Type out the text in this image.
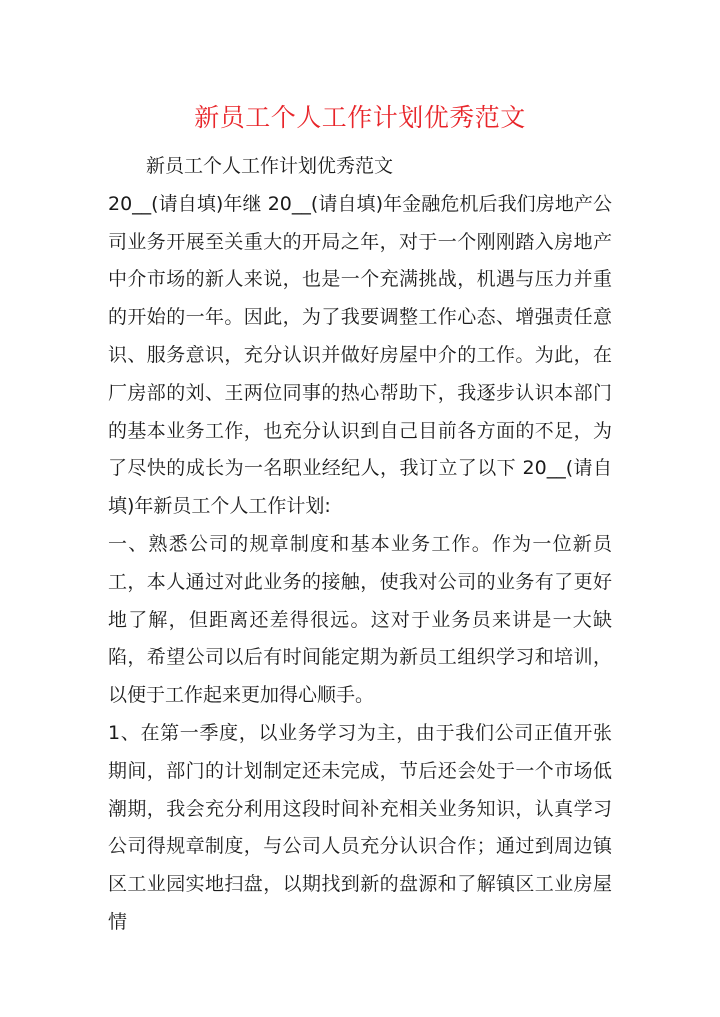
新员工个人工作计划优秀范文

新员工个人工作计划优秀范文

20__(请自填)年继 20__(请自填)年金融危机后我们房地产公司业务开展至关重大的开局之年，对于一个刚刚踏入房地产中介市场的新人来说，也是一个充满挑战，机遇与压力并重的开始的一年。因此，为了我要调整工作心态、增强责任意识、服务意识，充分认识并做好房屋中介的工作。为此，在厂房部的刘、王两位同事的热心帮助下，我逐步认识本部门的基本业务工作，也充分认识到自己目前各方面的不足，为了尽快的成长为一名职业经纪人，我订立了以下 20__(请自填)年新员工个人工作计划:

一、熟悉公司的规章制度和基本业务工作。作为一位新员工，本人通过对此业务的接触，使我对公司的业务有了更好地了解，但距离还差得很远。这对于业务员来讲是一大缺陷，希望公司以后有时间能定期为新员工组织学习和培训，以便于工作起来更加得心顺手。

1、在第一季度，以业务学习为主，由于我们公司正值开张期间，部门的计划制定还未完成，节后还会处于一个市场低潮期，我会充分利用这段时间补充相关业务知识，认真学习公司得规章制度，与公司人员充分认识合作；通过到周边镇区工业园实地扫盘，以期找到新的盘源和了解镇区工业房屋情
